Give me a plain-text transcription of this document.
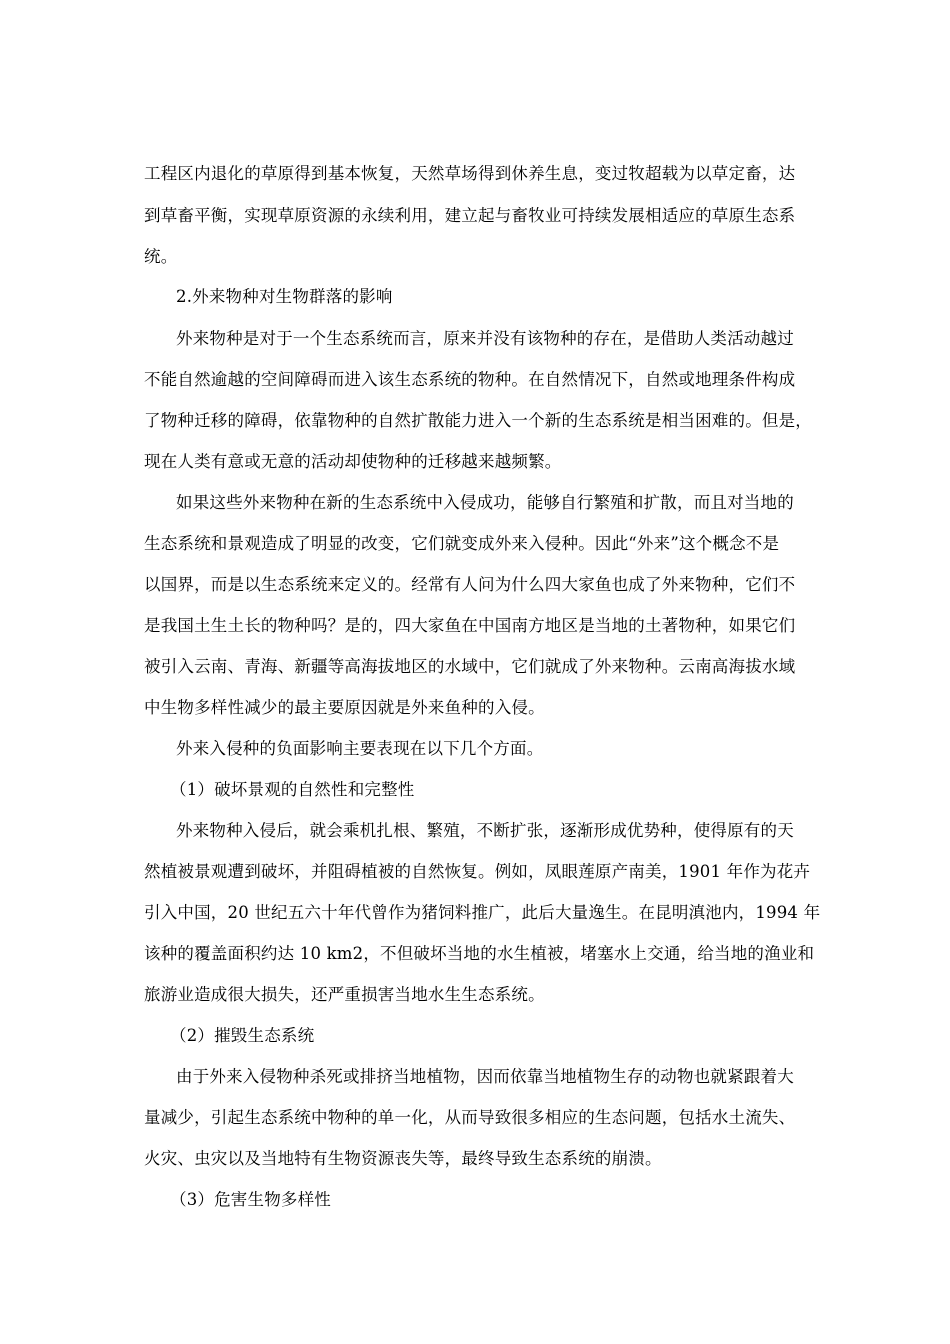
工程区内退化的草原得到基本恢复，天然草场得到休养生息，变过牧超载为以草定畜，达
到草畜平衡，实现草原资源的永续利用，建立起与畜牧业可持续发展相适应的草原生态系
统。
2.外来物种对生物群落的影响
外来物种是对于一个生态系统而言，原来并没有该物种的存在，是借助人类活动越过
不能自然逾越的空间障碍而进入该生态系统的物种。在自然情况下，自然或地理条件构成
了物种迁移的障碍，依靠物种的自然扩散能力进入一个新的生态系统是相当困难的。但是，
现在人类有意或无意的活动却使物种的迁移越来越频繁。
如果这些外来物种在新的生态系统中入侵成功，能够自行繁殖和扩散，而且对当地的
生态系统和景观造成了明显的改变，它们就变成外来入侵种。因此“外来”这个概念不是
以国界，而是以生态系统来定义的。经常有人问为什么四大家鱼也成了外来物种，它们不
是我国土生土长的物种吗？是的，四大家鱼在中国南方地区是当地的土著物种，如果它们
被引入云南、青海、新疆等高海拔地区的水域中，它们就成了外来物种。云南高海拔水域
中生物多样性减少的最主要原因就是外来鱼种的入侵。
外来入侵种的负面影响主要表现在以下几个方面。
（1）破坏景观的自然性和完整性
外来物种入侵后，就会乘机扎根、繁殖，不断扩张，逐渐形成优势种，使得原有的天
然植被景观遭到破坏，并阻碍植被的自然恢复。例如，凤眼莲原产南美，1901 年作为花卉
引入中国，20 世纪五六十年代曾作为猪饲料推广，此后大量逸生。在昆明滇池内，1994 年
该种的覆盖面积约达 10 km2，不但破坏当地的水生植被，堵塞水上交通，给当地的渔业和
旅游业造成很大损失，还严重损害当地水生生态系统。
（2）摧毁生态系统
由于外来入侵物种杀死或排挤当地植物，因而依靠当地植物生存的动物也就紧跟着大
量减少，引起生态系统中物种的单一化，从而导致很多相应的生态问题，包括水土流失、
火灾、虫灾以及当地特有生物资源丧失等，最终导致生态系统的崩溃。
（3）危害生物多样性
